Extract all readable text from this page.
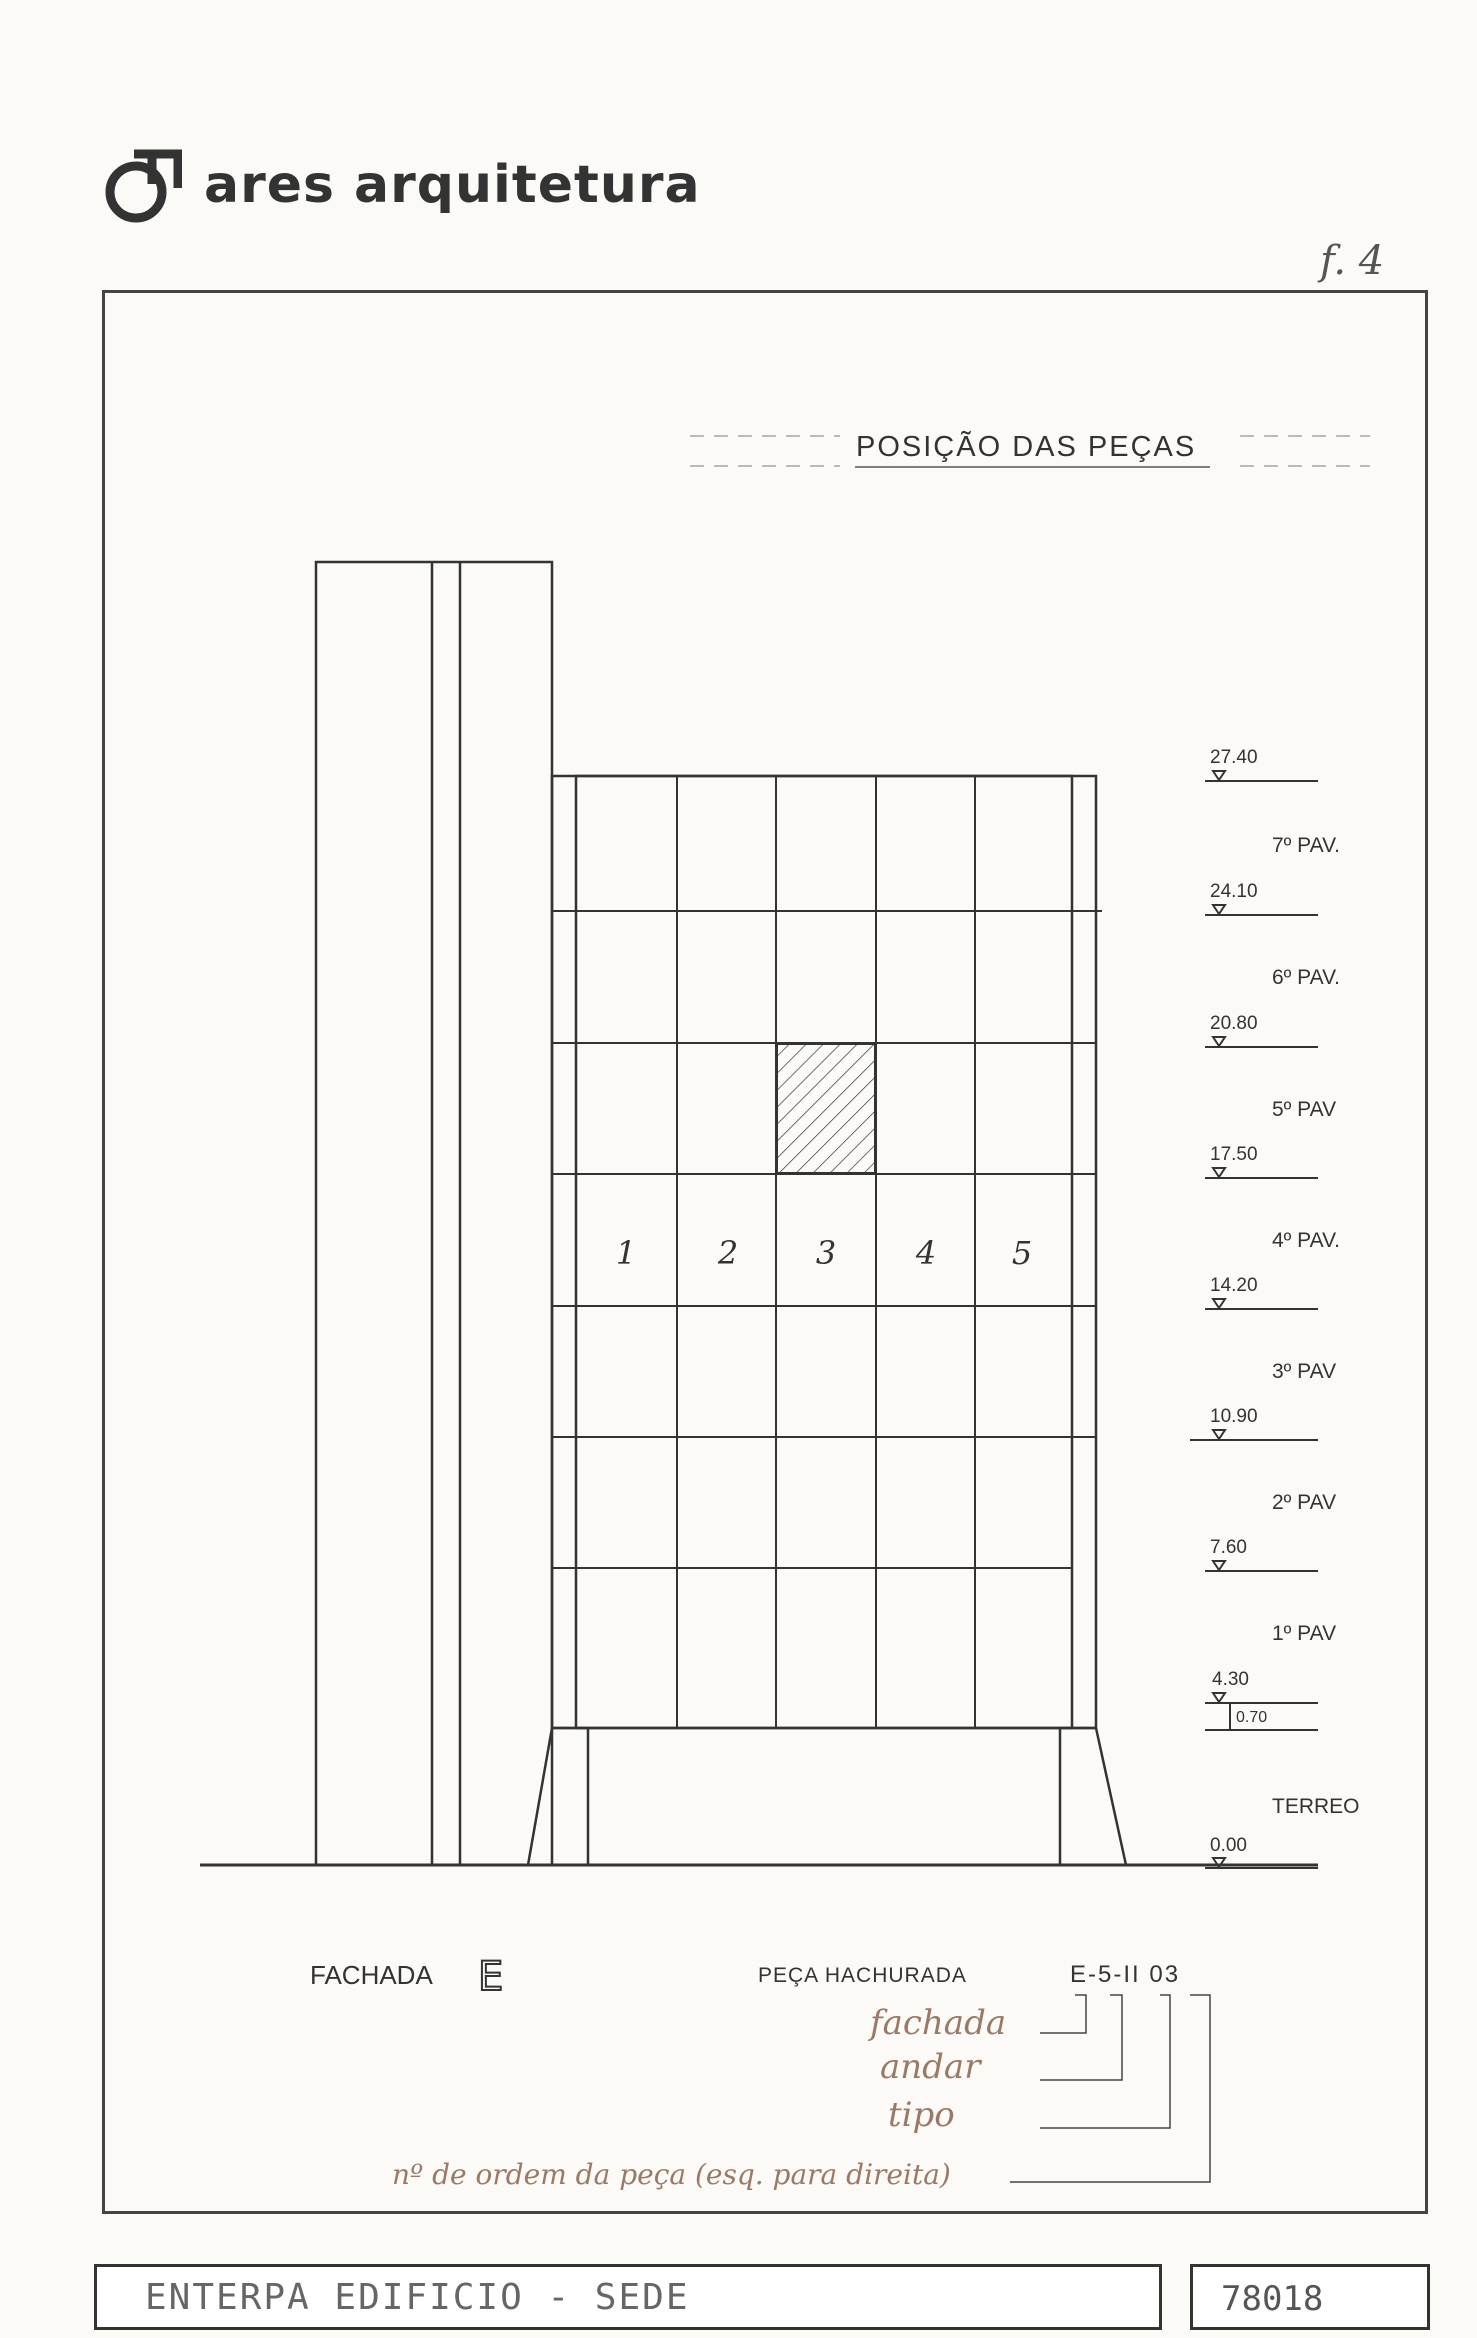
ares arquitetura
f. 4
POSIÇÃO DAS PEÇAS
1	2 3 4 5
27.40
24.10
20.80
17.50
14.20
10.90
7.60
4.30
0.00
0.70
7º PAV.
6º PAV.
5º PAV
4º PAV.
3º PAV
2º PAV
1º PAV
TERREO
FACHADA E	PEÇA HACHURADA	E-5-II 03
fachada
andar
tipo
nº de ordem da peça (esq. para direita)
ENTERPA EDIFICIO - SEDE	78018
